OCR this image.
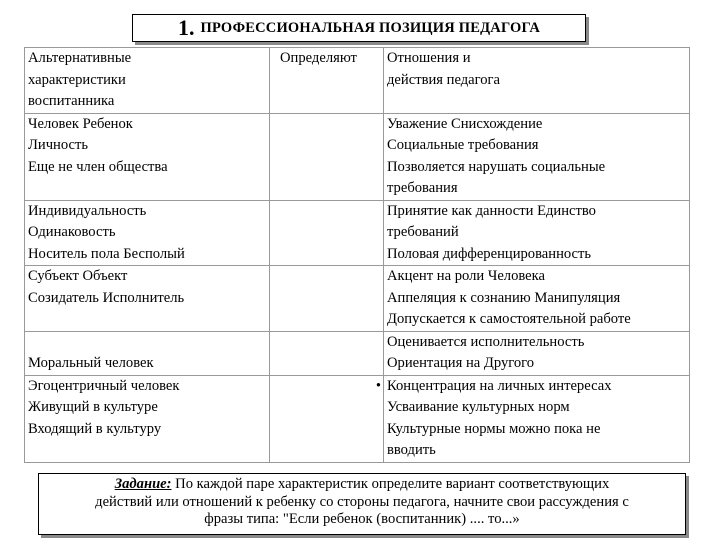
1. ПРОФЕССИОНАЛЬНАЯ ПОЗИЦИЯ ПЕДАГОГА
Альтернативные
характеристики
воспитанника	Определяют	Отношения и
действия педагога

Человек Ребенок
Личность
Еще не член общества		Уважение Снисхождение
Социальные требования
Позволяется нарушать социальные
требования

Индивидуальность
Одинаковость
Носитель пола Бесполый		Принятие как данности Единство
требований
Половая дифференцированность

Субъект Объект
Созидатель Исполнитель		Акцент на роли Человека
Аппеляция к сознанию Манипуляция
Допускается к самостоятельной работе

Моральный человек		Оценивается исполнительность
Ориентация на Другого

Эгоцентричный человек
Живущий в культуре
Входящий в культуру	•	Концентрация на личных интересах
Усваивание культурных норм
Культурные нормы можно пока не
вводить
Задание: По каждой паре характеристик определите вариант соответствующих
действий или отношений к ребенку со стороны педагога, начните свои рассуждения с
фразы типа: "Если ребенок (воспитанник) .... то...»
